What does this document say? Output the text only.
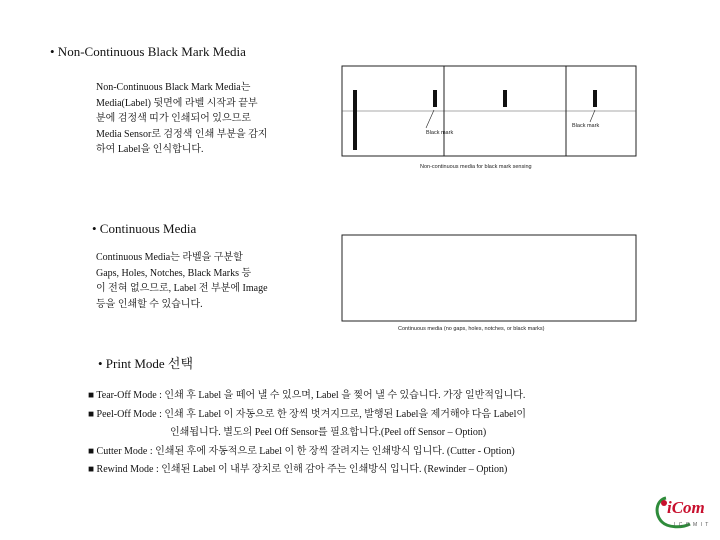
• Non-Continuous Black Mark Media
Non-Continuous Black Mark Media는
Media(Label) 뒷면에 라벨 시작과 끝부
분에 검정색 띠가 인쇄되어 있으므로
Media Sensor로 검정색 인쇄 부분을 감지
하여 Label을 인식합니다.
Black mark
Black mark
Non-continuous media for black mark sensing
• Continuous Media
Continuous Media는 라벨을 구분할
Gaps, Holes, Notches, Black Marks 등
이 전혀 없으므로, Label 전 부분에 Image
등을 인쇄할 수 있습니다.
Continuous media (no gaps, holes, notches, or black marks)
• Print Mode 선택
■ Tear-Off Mode : 인쇄 후 Label 을 떼어 낼 수 있으며, Label 을 찢어 낼 수 있습니다. 가장 일반적입니다.
■ Peel-Off Mode : 인쇄 후 Label 이 자동으로 한 장씩 벗겨지므로, 발행된 Label을 제거해야 다음 Label이
인쇄됩니다. 별도의 Peel Off Sensor를 필요합니다.(Peel off Sensor – Option)
■ Cutter Mode : 인쇄된 후에 자동적으로 Label 이 한 장씩 잘려지는 인쇄방식 입니다. (Cutter - Option)
■ Rewind Mode : 인쇄된 Label 이 내부 장치로 인해 감아 주는 인쇄방식 입니다. (Rewinder – Option)
iCom
I C O M I T
